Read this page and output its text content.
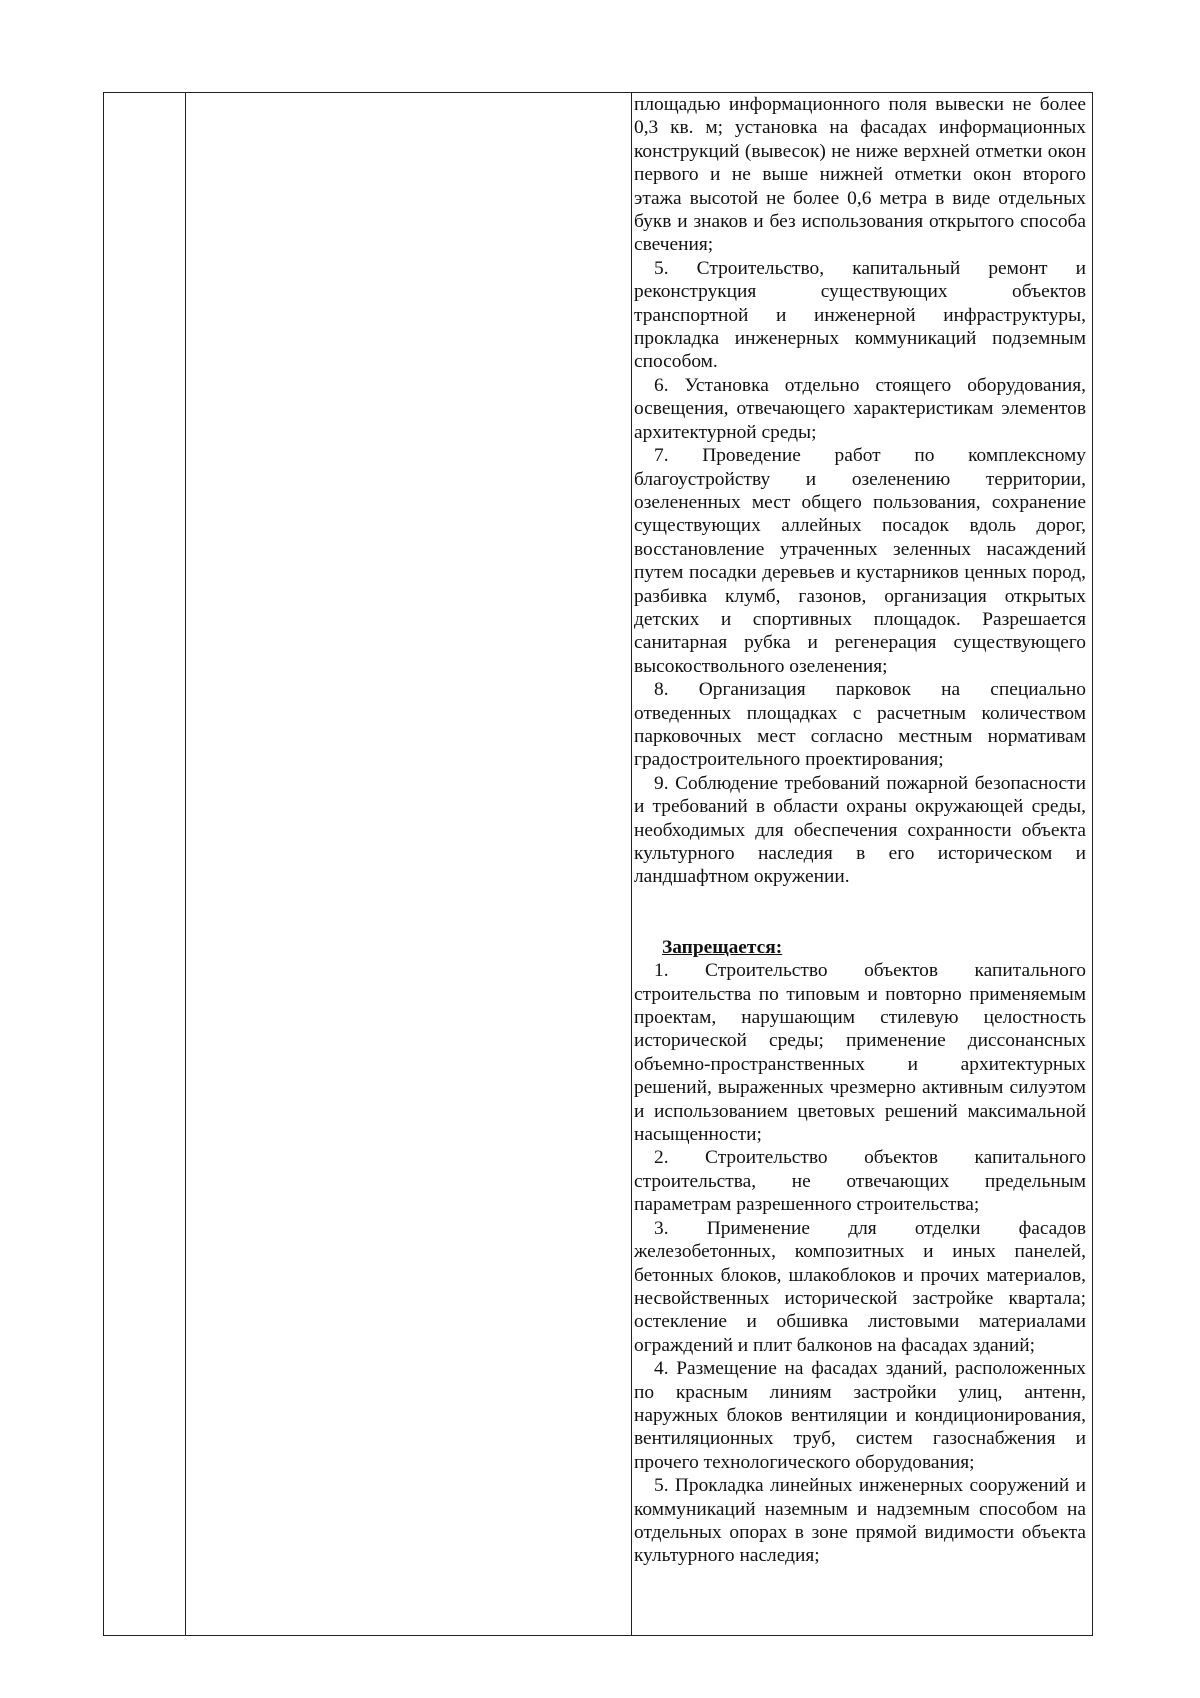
площадью информационного поля вывески не более 0,3 кв. м; установка на фасадах информационных конструкций (вывесок) не ниже верхней отметки окон первого и не выше нижней отметки окон второго этажа высотой не более 0,6 метра в виде отдельных букв и знаков и без использования открытого способа свечения;

5. Строительство, капитальный ремонт и реконструкция существующих объектов транспортной и инженерной инфраструктуры, прокладка инженерных коммуникаций подземным способом.

6. Установка отдельно стоящего оборудования, освещения, отвечающего характеристикам элементов архитектурной среды;

7. Проведение работ по комплексному благоустройству и озеленению территории, озелененных мест общего пользования, сохранение существующих аллейных посадок вдоль дорог, восстановление утраченных зеленных насаждений путем посадки деревьев и кустарников ценных пород, разбивка клумб, газонов, организация открытых детских и спортивных площадок. Разрешается санитарная рубка и регенерация существующего высокоствольного озеленения;

8. Организация парковок на специально отведенных площадках с расчетным количеством парковочных мест согласно местным нормативам градостроительного проектирования;

9. Соблюдение требований пожарной безопасности и требований в области охраны окружающей среды, необходимых для обеспечения сохранности объекта культурного наследия в его историческом и ландшафтном окружении.

Запрещается:

1. Строительство объектов капитального строительства по типовым и повторно применяемым проектам, нарушающим стилевую целостность исторической среды; применение диссонансных объемно-пространственных и архитектурных решений, выраженных чрезмерно активным силуэтом и использованием цветовых решений максимальной насыщенности;

2. Строительство объектов капитального строительства, не отвечающих предельным параметрам разрешенного строительства;

3. Применение для отделки фасадов железобетонных, композитных и иных панелей, бетонных блоков, шлакоблоков и прочих материалов, несвойственных исторической застройке квартала; остекление и обшивка листовыми материалами ограждений и плит балконов на фасадах зданий;

4. Размещение на фасадах зданий, расположенных по красным линиям застройки улиц, антенн, наружных блоков вентиляции и кондиционирования, вентиляционных труб, систем газоснабжения и прочего технологического оборудования;

5. Прокладка линейных инженерных сооружений и коммуникаций наземным и надземным способом на отдельных опорах в зоне прямой видимости объекта культурного наследия;
